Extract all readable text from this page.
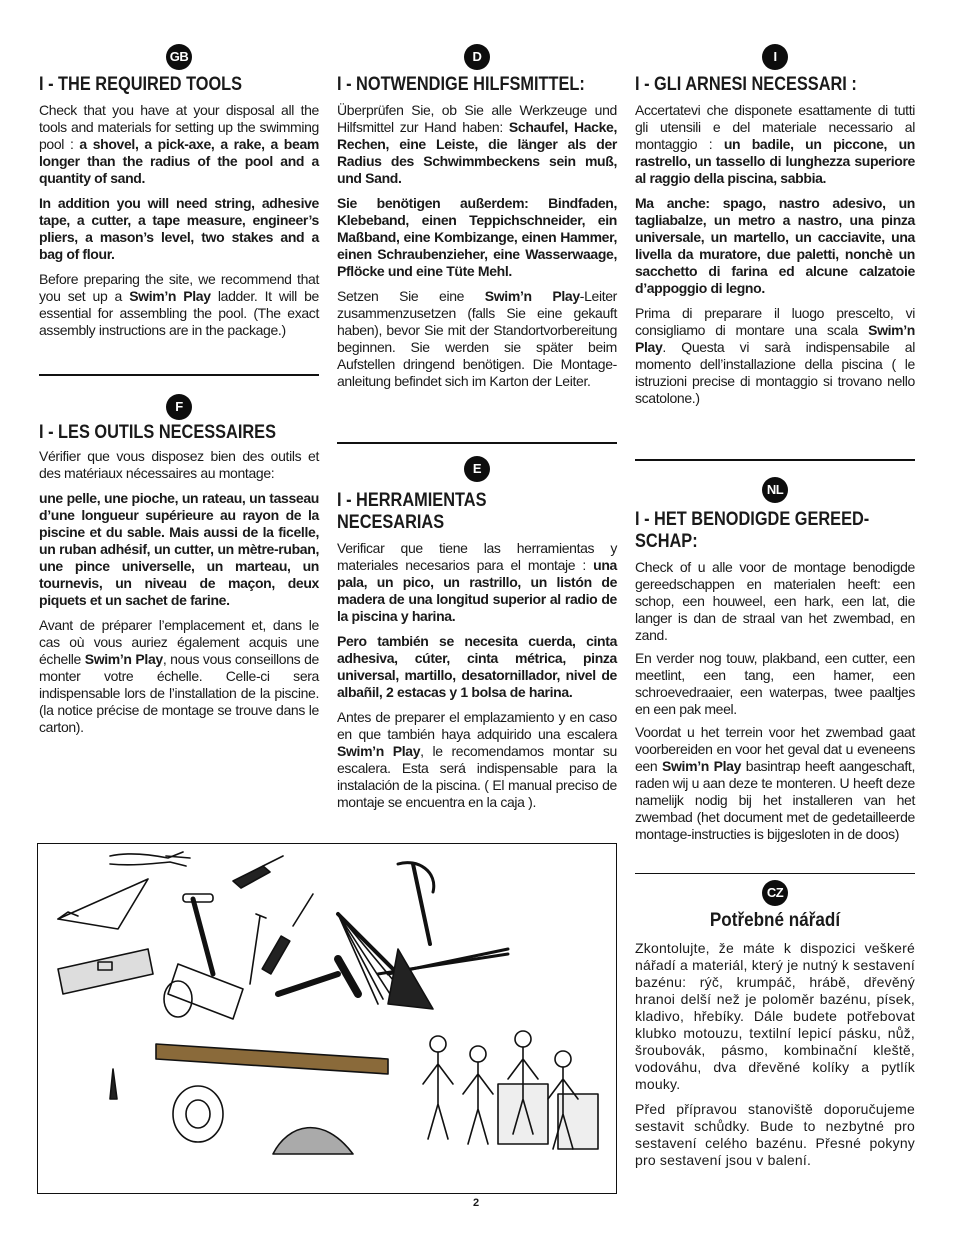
GB
I - THE REQUIRED TOOLS

Check that you have at your disposal all the tools and materials for setting up the swimming pool : a shovel, a pick-axe, a rake, a beam longer than the radius of the pool and a quantity of sand.

In addition you will need string, adhesive tape, a cutter, a tape measure, engineer’s pliers, a mason’s level, two stakes and a bag of flour.

Before preparing the site, we recommend that you set up a Swim’n Play ladder. It will be essential for assembling the pool. (The exact assembly instructions are in the package.)

F
I - LES OUTILS NECESSAIRES

Vérifier que vous disposez bien des outils et des matériaux nécessaires au montage:

une pelle, une pioche, un rateau, un tasseau d’une longueur supérieure au rayon de la piscine et du sable. Mais aussi de la ficelle, un ruban adhésif, un cutter, un mètre-ruban, une pince universelle, un marteau, un tournevis, un niveau de maçon, deux piquets et un sachet de farine.

Avant de préparer l’emplacement et, dans le cas où vous auriez également acquis une échelle Swim’n Play, nous vous conseillons de monter votre échelle. Celle-ci sera indispensable lors de l’installation de la piscine. (la notice précise de montage se trouve dans le carton).

D
I - NOTWENDIGE HILFSMITTEL:

Überprüfen Sie, ob Sie alle Werkzeuge und Hilfsmittel zur Hand haben: Schaufel, Hacke, Rechen, eine Leiste, die länger als der Radius des Schwimmbeckens sein muß, und Sand.

Sie benötigen außerdem: Bindfaden, Klebeband, einen Teppichschneider, ein Maßband, eine Kombizange, einen Hammer, einen Schraubenzieher, eine Wasserwaage, Pflöcke und eine Tüte Mehl.

Setzen Sie eine Swim’n Play-Leiter zusammenzusetzen (falls Sie eine gekauft haben), bevor Sie mit der Standortvorbereitung beginnen. Sie werden sie später beim Aufstellen dringend benötigen. Die Montage-anleitung befindet sich im Karton der Leiter.

E
I - HERRAMIENTAS
NECESARIAS

Verificar que tiene las herramientas y materiales necesarios para el montaje : una pala, un pico, un rastrillo, un listón de madera de una longitud superior al radio de la piscina y harina.

Pero también se necesita cuerda, cinta adhesiva, cúter, cinta métrica, pinza universal, martillo, desatornillador, nivel de albañil, 2 estacas y 1 bolsa de harina.

Antes de preparer el emplazamiento y en caso en que también haya adquirido una escalera Swim’n Play, le recomendamos montar su escalera. Esta será indispensable para la instalación de la piscina. ( El manual preciso de montaje se encuentra en la caja ).

I
I - GLI ARNESI NECESSARI :

Accertatevi che disponete esattamente di tutti gli utensili e del materiale necessario al montaggio : un badile, un piccone, un rastrello, un tassello di lunghezza superiore al raggio della piscina, sabbia.

Ma anche: spago, nastro adesivo, un tagliabalze, un metro a nastro, una pinza universale, un martello, un cacciavite, una livella da muratore, due paletti, nonchè un sacchetto di farina ed alcune calzatoie d’appoggio di legno.

Prima di preparare il luogo prescelto, vi consigliamo di montare una scala Swim’n Play. Questa vi sarà indispensabile al momento dell’installazione della piscina ( le istruzioni precise di montaggio si trovano nello scatolone.)

NL
I - HET BENODIGDE GEREED-
SCHAP:

Check of u alle voor de montage benodigde gereedschappen en materialen heeft: een schop, een houweel, een hark, een lat, die langer is dan de straal van het zwembad, en zand.

En verder nog touw, plakband, een cutter, een meetlint, een tang, een hamer, een schroevedraaier, een waterpas, twee paaltjes en een pak meel.

Voordat u het terrein voor het zwembad gaat voorbereiden en voor het geval dat u eveneens een Swim’n Play basintrap heeft aangeschaft, raden wij u aan deze te monteren. U heeft deze namelijk nodig bij het installeren van het zwembad (het document met de gedetailleerde montage-instructies is bijgesloten in de doos)

CZ
Potřebné nářadí

Zkontolujte, že máte k dispozici veškeré nářadí a materiál, který je nutný k sestavení bazénu: rýč, krumpáč, hrábě, dřevěný hranoi delší než je poloměr bazénu, písek, kladivo, hřebíky. Dále budete potřebovat klubko motouzu, textilní lepicí pásku, nůž, šroubovák, pásmo, kombinační kleště, vodováhu, dva dřevěné kolíky a pytlík mouky.

Před přípravou stanoviště doporučujeme sestavit schůdky. Bude to nezbytné pro sestavení celého bazénu. Přesné pokyny pro sestavení jsou v balení.

2
